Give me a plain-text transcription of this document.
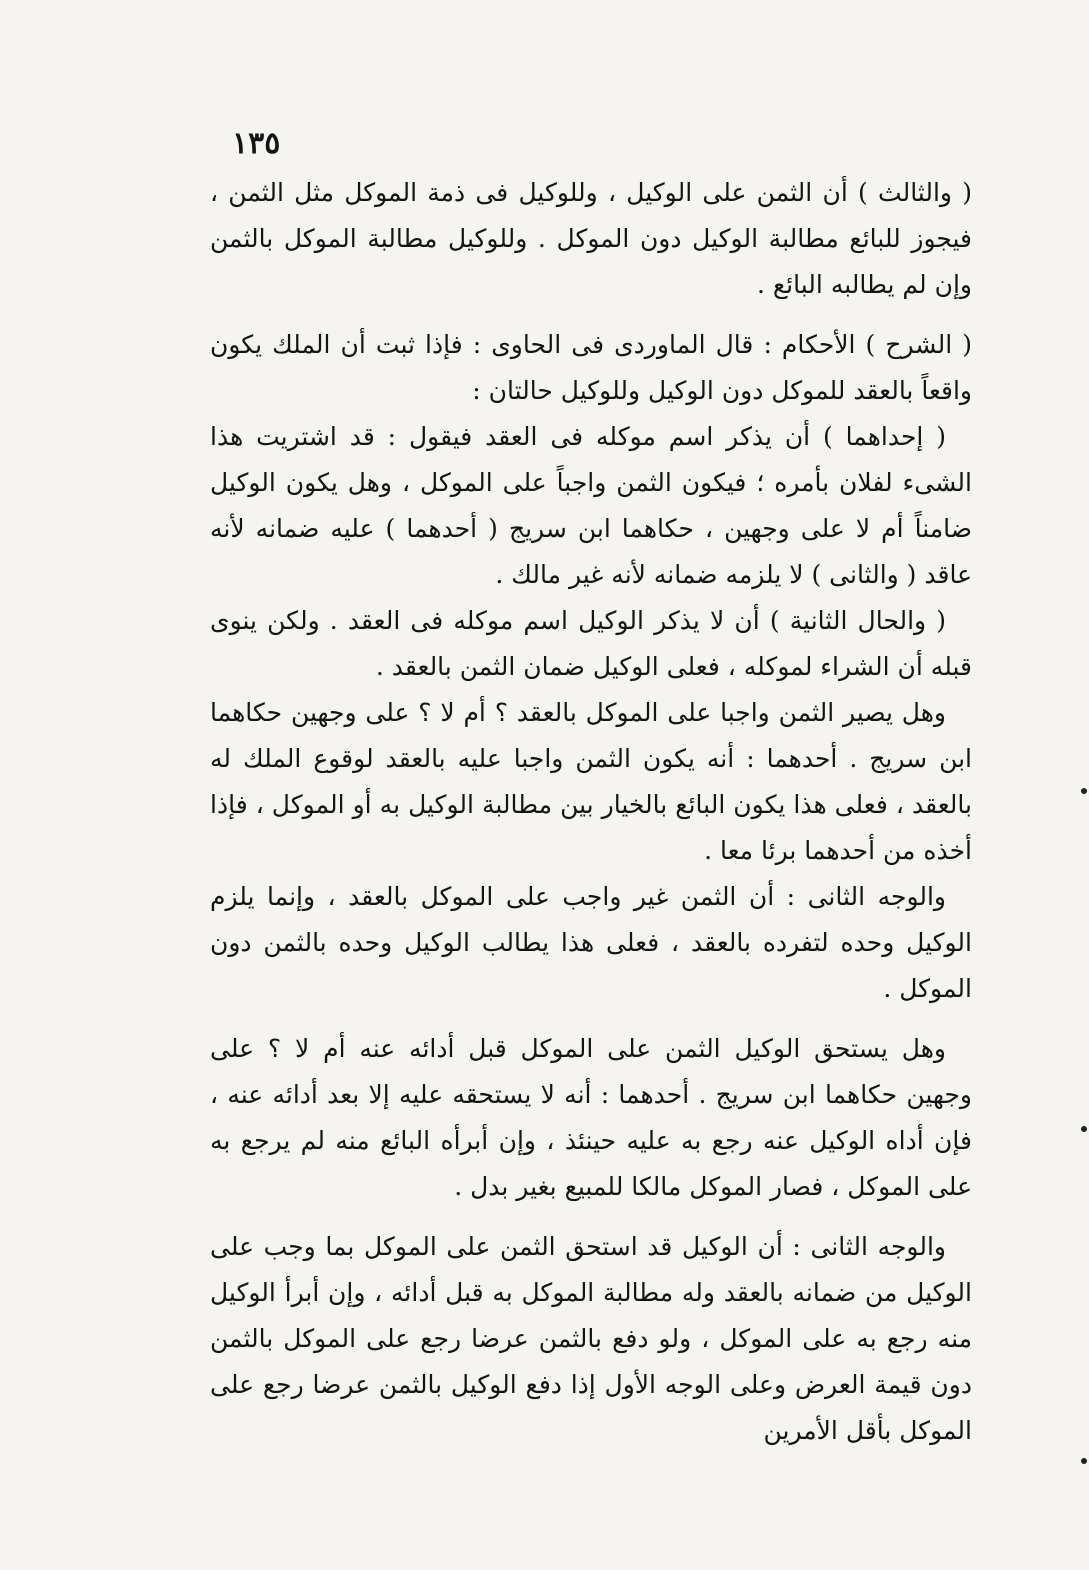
١٣٥

( والثالث ) أن الثمن على الوكيل ، وللوكيل فى ذمة الموكل مثل الثمن ، فيجوز للبائع مطالبة الوكيل دون الموكل . وللوكيل مطالبة الموكل بالثمن وإن لم يطالبه البائع .

( الشرح ) الأحكام : قال الماوردى فى الحاوى : فإذا ثبت أن الملك يكون واقعاً بالعقد للموكل دون الوكيل وللوكيل حالتان :

( إحداهما ) أن يذكر اسم موكله فى العقد فيقول : قد اشتريت هذا الشىء لفلان بأمره ؛ فيكون الثمن واجباً على الموكل ، وهل يكون الوكيل ضامناً أم لا على وجهين ، حكاهما ابن سريج ( أحدهما ) عليه ضمانه لأنه عاقد ( والثانى ) لا يلزمه ضمانه لأنه غير مالك .

( والحال الثانية ) أن لا يذكر الوكيل اسم موكله فى العقد . ولكن ينوى قبله أن الشراء لموكله ، فعلى الوكيل ضمان الثمن بالعقد .

وهل يصير الثمن واجبا على الموكل بالعقد ؟ أم لا ؟ على وجهين حكاهما ابن سريج . أحدهما : أنه يكون الثمن واجبا عليه بالعقد لوقوع الملك له بالعقد ، فعلى هذا يكون البائع بالخيار بين مطالبة الوكيل به أو الموكل ، فإذا أخذه من أحدهما برئا معا .

والوجه الثانى : أن الثمن غير واجب على الموكل بالعقد ، وإنما يلزم الوكيل وحده لتفرده بالعقد ، فعلى هذا يطالب الوكيل وحده بالثمن دون الموكل .

وهل يستحق الوكيل الثمن على الموكل قبل أدائه عنه أم لا ؟ على وجهين حكاهما ابن سريج . أحدهما : أنه لا يستحقه عليه إلا بعد أدائه عنه ، فإن أداه الوكيل عنه رجع به عليه حينئذ ، وإن أبرأه البائع منه لم يرجع به على الموكل ، فصار الموكل مالكا للمبيع بغير بدل .

والوجه الثانى : أن الوكيل قد استحق الثمن على الموكل بما وجب على الوكيل من ضمانه بالعقد وله مطالبة الموكل به قبل أدائه ، وإن أبرأ الوكيل منه رجع به على الموكل ، ولو دفع بالثمن عرضا رجع على الموكل بالثمن دون قيمة العرض وعلى الوجه الأول إذا دفع الوكيل بالثمن عرضا رجع على الموكل بأقل الأمرين
